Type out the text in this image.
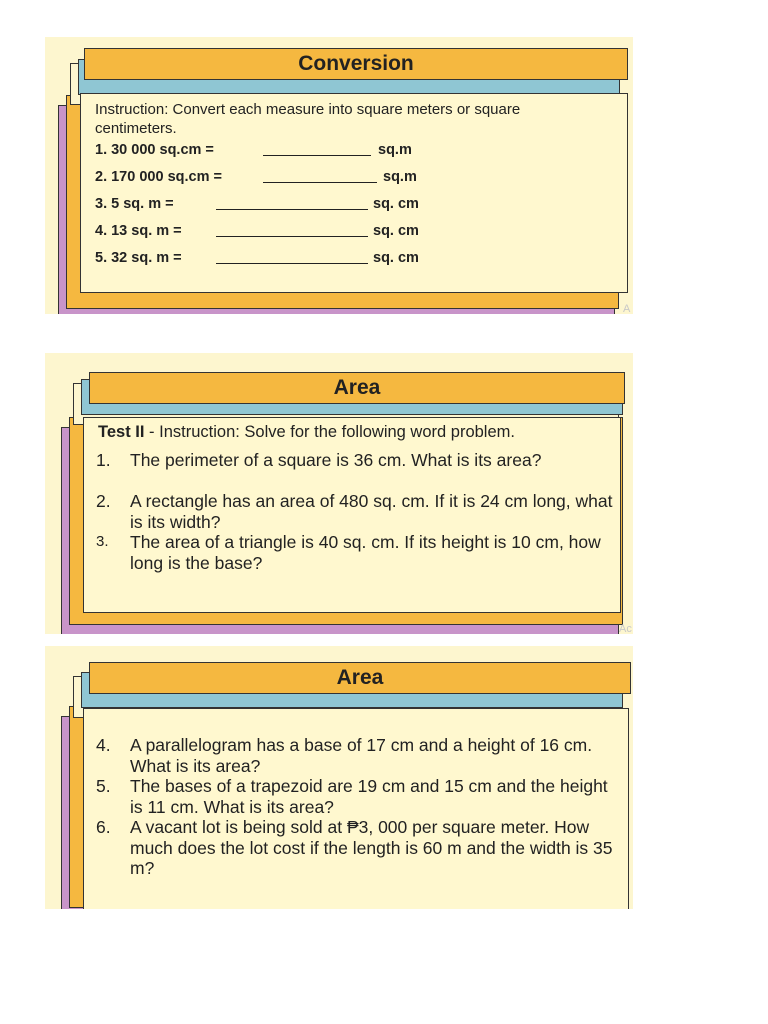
Conversion
Instruction: Convert each measure into square meters or square centimeters.
1. 30 000 sq.cm =	sq.m
2. 170 000 sq.cm =	sq.m
3. 5 sq. m =	sq. cm
4. 13 sq. m =	sq. cm
5. 32 sq. m =	sq. cm
A
Area
Test II - Instruction: Solve for the following word problem.
1.	The perimeter of a square is 36 cm. What is its area?
2.	A rectangle has an area of 480 sq. cm. If it is 24 cm long, what is its width?
3.	The area of a triangle is 40 sq. cm. If its height is 10 cm, how long is the base?
Ac
Area
4.	A parallelogram has a base of 17 cm and a height of 16 cm. What is its area?
5.	The bases of a trapezoid are 19 cm and 15 cm and the height is 11 cm. What is its area?
6.	A vacant lot is being sold at ₱3, 000 per square meter. How much does the lot cost if the length is 60 m and the width is 35 m?
